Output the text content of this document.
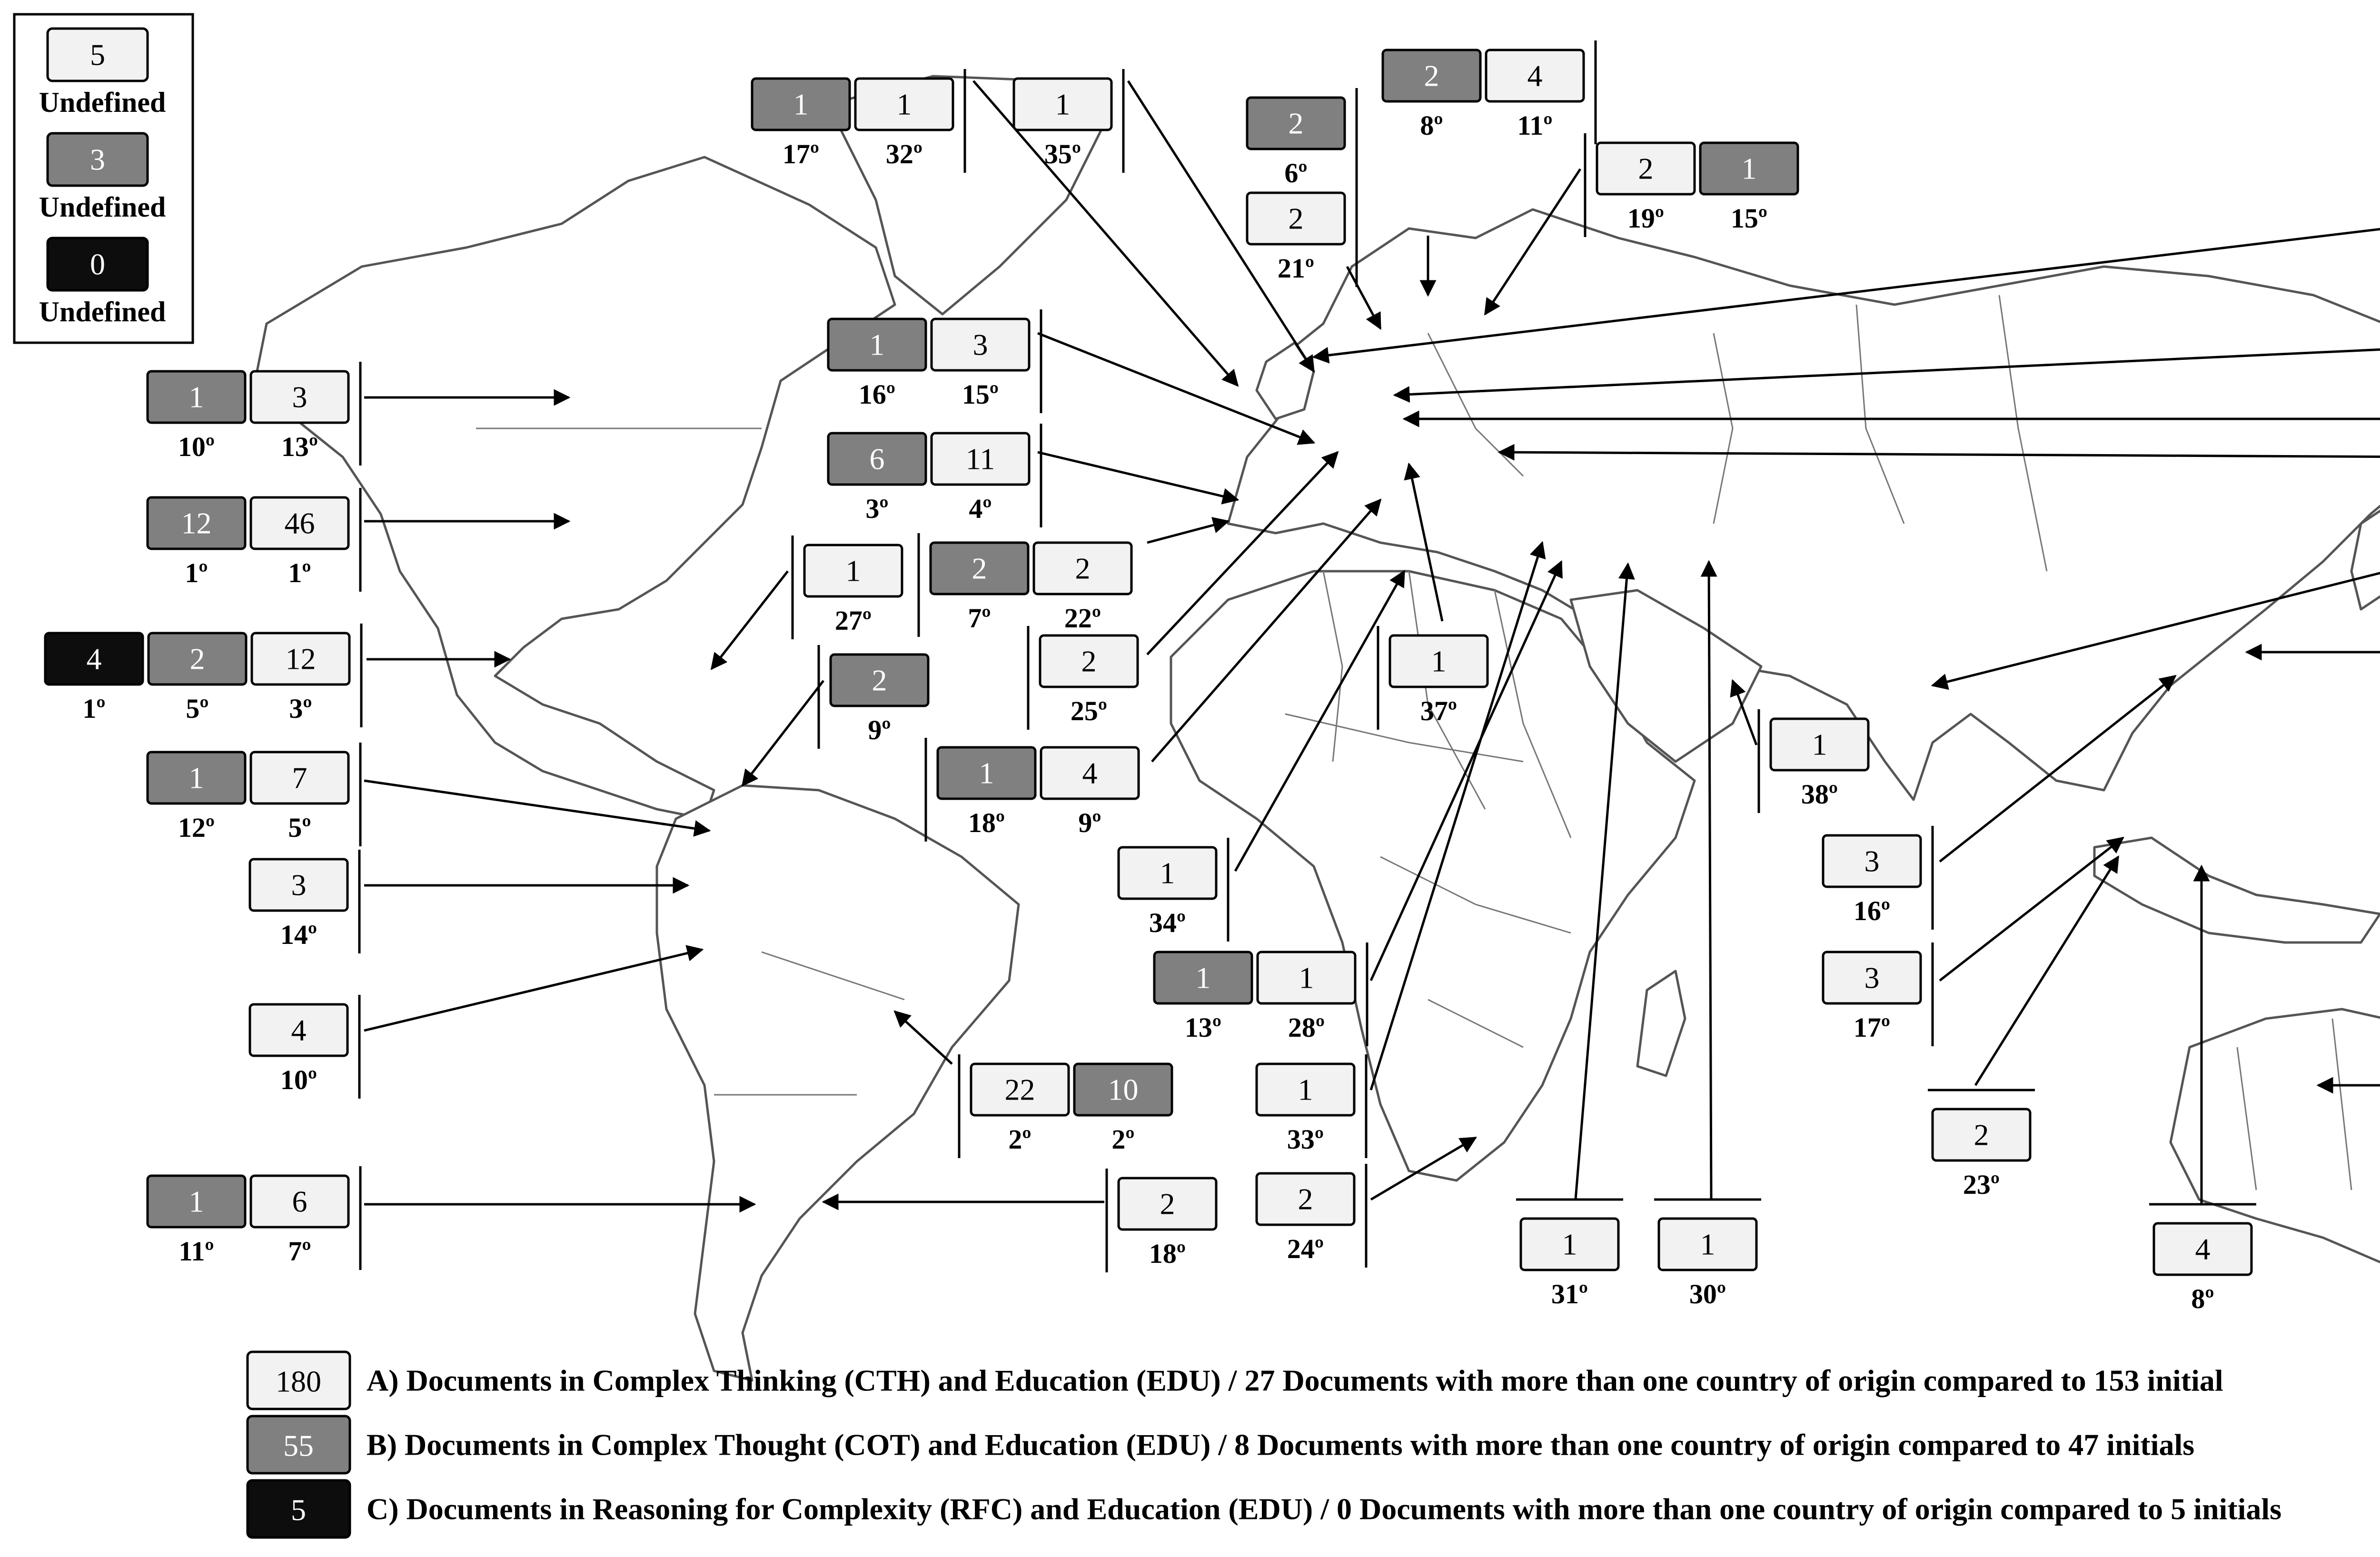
1
10º
3
13º
12
1º
46
1º
4
1º
2
5º
12
3º
1
12º
7
5º
3
14º
4
10º
1
11º
6
7º
22
2º
10
2º
2
18º
1
27º
2
9º
1
17º
1
32º
1
35º
2
6º
2
21º
2
8º
4
11º
2
19º
1
15º
1
16º
3
15º
6
3º
11
4º
2
7º
2
22º
2
25º
1
18º
4
9º
1
37º
1
34º
1
13º
1
28º
1
33º
2
24º	1
31º
1
30º
1
38º
3
16º
3
17º
2
23º
4
8º
5
Undefined
3
Undefined
0
Undefined
180 A) Documents in Complex Thinking (CTH) and Education (EDU) / 27 Documents with more than one country of origin compared to 153 initial
55 B) Documents in Complex Thought (COT) and Education (EDU) / 8 Documents with more than one country of origin compared to 47 initials
5 C) Documents in Reasoning for Complexity (RFC) and Education (EDU) / 0 Documents with more than one country of origin compared to 5 initials
